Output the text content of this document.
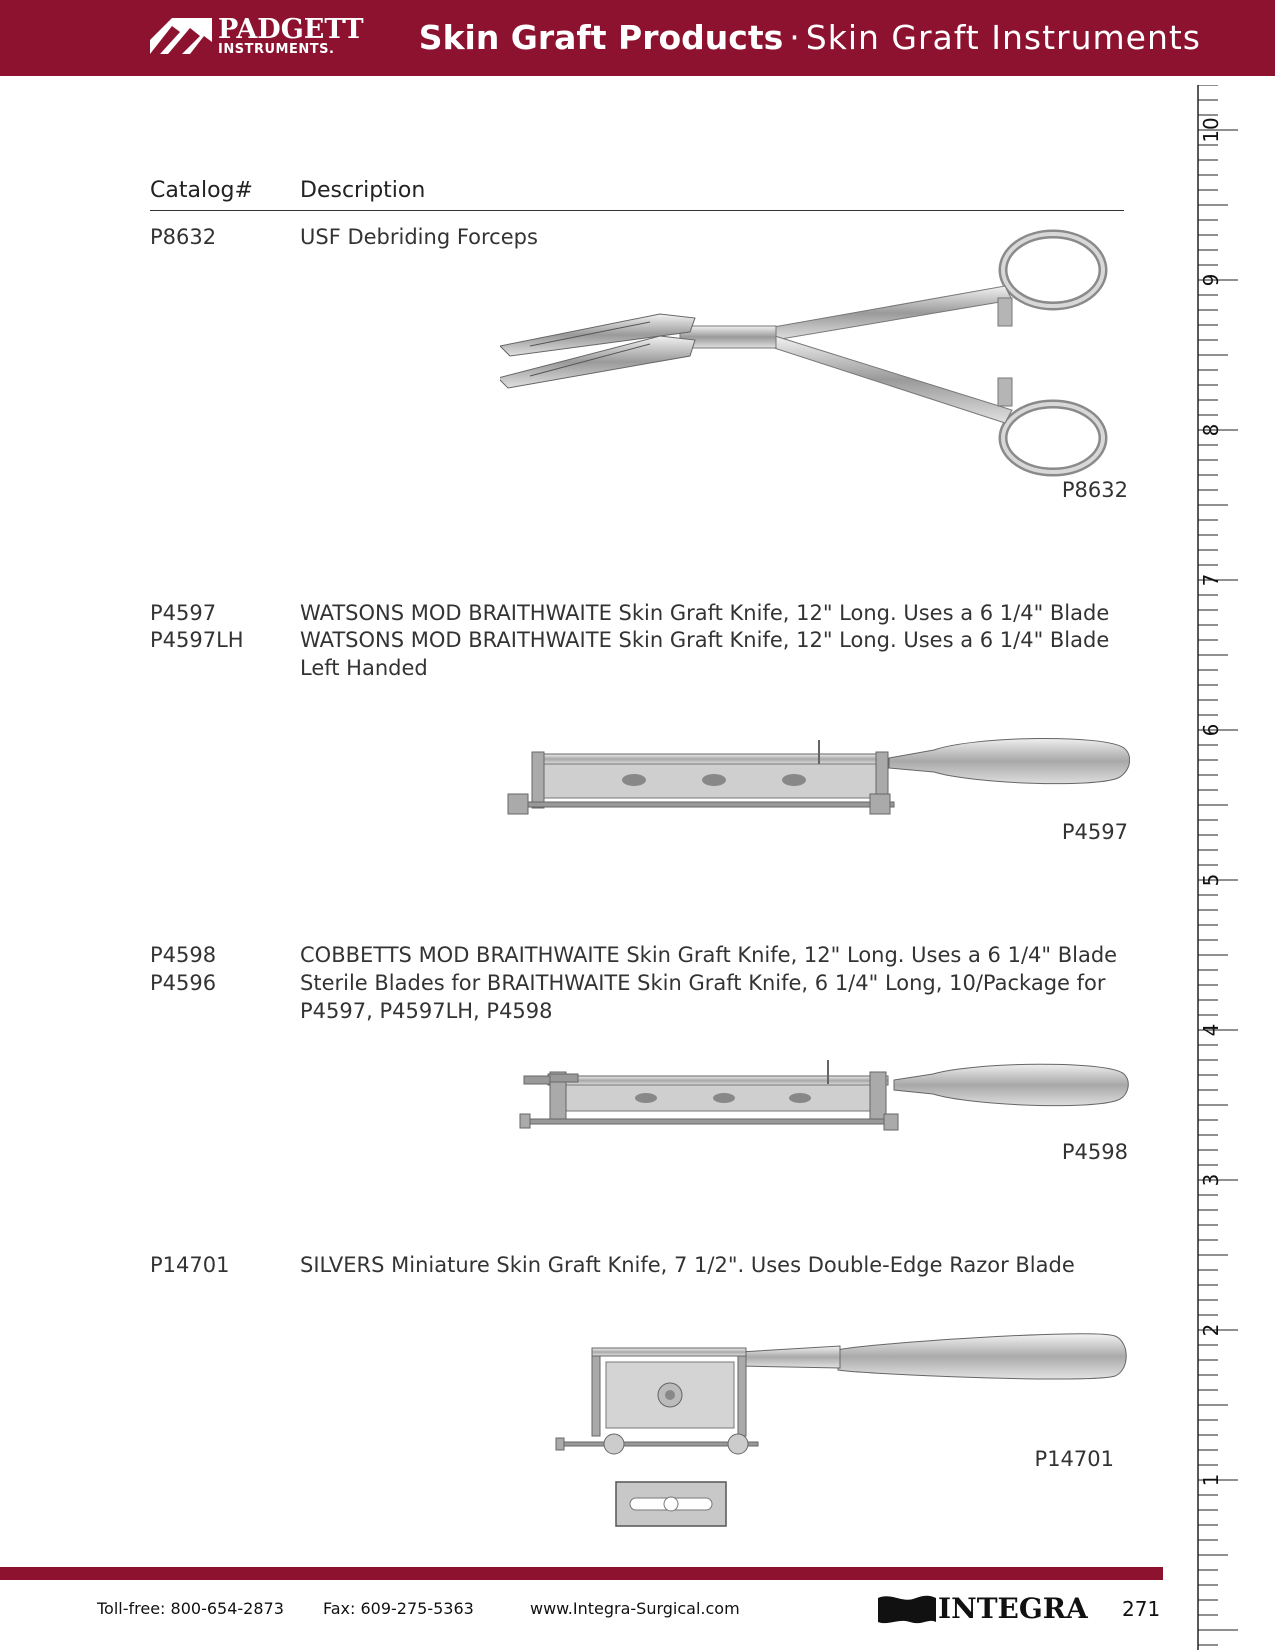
PADGETT
INSTRUMENTS.	Skin Graft Products · Skin Graft Instruments
Catalog# Description
P8632	USF Debriding Forceps
P8632
P4597	WATSONS MOD BRAITHWAITE Skin Graft Knife, 12" Long. Uses a 6 1/4" Blade
P4597LH	WATSONS MOD BRAITHWAITE Skin Graft Knife, 12" Long. Uses a 6 1/4" Blade
Left Handed
P4597
P4598	COBBETTS MOD BRAITHWAITE Skin Graft Knife, 12" Long. Uses a 6 1/4" Blade
P4596	Sterile Blades for BRAITHWAITE Skin Graft Knife, 6 1/4" Long, 10/Package for
P4597, P4597LH, P4598
P4598
P14701	SILVERS Miniature Skin Graft Knife, 7 1/2". Uses Double-Edge Razor Blade
P14701
10
9
8
7
6
5
4
3
2
1
Toll-free: 800-654-2873 Fax: 609-275-5363	www.Integra-Surgical.com	INTEGRA 271
